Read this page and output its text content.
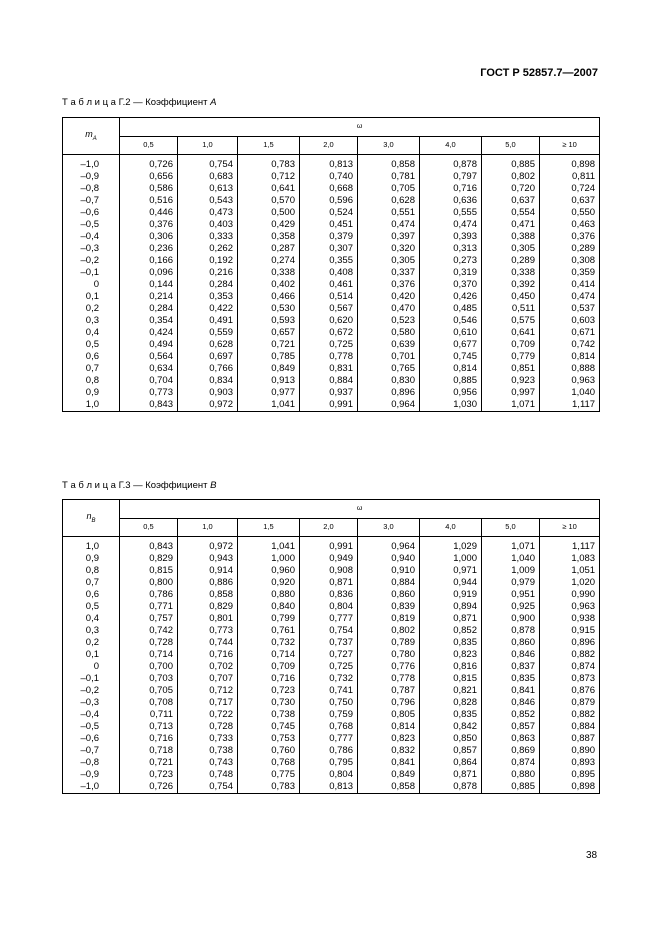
ГОСТ Р 52857.7—2007
Т а б л и ц а Г.2 — Коэффициент A
$m_A$	ω							
	0,5	1,0	1,5	2,0	3,0	4,0	5,0	≥ 10

–1,0	0,726	0,754	0,783	0,813	0,858	0,878	0,885	0,898
–0,9	0,656	0,683	0,712	0,740	0,781	0,797	0,802	0,811
–0,8	0,586	0,613	0,641	0,668	0,705	0,716	0,720	0,724
–0,7	0,516	0,543	0,570	0,596	0,628	0,636	0,637	0,637
–0,6	0,446	0,473	0,500	0,524	0,551	0,555	0,554	0,550
–0,5	0,376	0,403	0,429	0,451	0,474	0,474	0,471	0,463
–0,4	0,306	0,333	0,358	0,379	0,397	0,393	0,388	0,376
–0,3	0,236	0,262	0,287	0,307	0,320	0,313	0,305	0,289
–0,2	0,166	0,192	0,274	0,355	0,305	0,273	0,289	0,308
–0,1	0,096	0,216	0,338	0,408	0,337	0,319	0,338	0,359
0	0,144	0,284	0,402	0,461	0,376	0,370	0,392	0,414
0,1	0,214	0,353	0,466	0,514	0,420	0,426	0,450	0,474
0,2	0,284	0,422	0,530	0,567	0,470	0,485	0,511	0,537
0,3	0,354	0,491	0,593	0,620	0,523	0,546	0,575	0,603
0,4	0,424	0,559	0,657	0,672	0,580	0,610	0,641	0,671
0,5	0,494	0,628	0,721	0,725	0,639	0,677	0,709	0,742
0,6	0,564	0,697	0,785	0,778	0,701	0,745	0,779	0,814
0,7	0,634	0,766	0,849	0,831	0,765	0,814	0,851	0,888
0,8	0,704	0,834	0,913	0,884	0,830	0,885	0,923	0,963
0,9	0,773	0,903	0,977	0,937	0,896	0,956	0,997	1,040
1,0	0,843	0,972	1,041	0,991	0,964	1,030	1,071	1,117
Т а б л и ц а Г.3 — Коэффициент B
$n_B$	ω							
	0,5	1,0	1,5	2,0	3,0	4,0	5,0	≥ 10

1,0	0,843	0,972	1,041	0,991	0,964	1,029	1,071	1,117
0,9	0,829	0,943	1,000	0,949	0,940	1,000	1,040	1,083
0,8	0,815	0,914	0,960	0,908	0,910	0,971	1,009	1,051
0,7	0,800	0,886	0,920	0,871	0,884	0,944	0,979	1,020
0,6	0,786	0,858	0,880	0,836	0,860	0,919	0,951	0,990
0,5	0,771	0,829	0,840	0,804	0,839	0,894	0,925	0,963
0,4	0,757	0,801	0,799	0,777	0,819	0,871	0,900	0,938
0,3	0,742	0,773	0,761	0,754	0,802	0,852	0,878	0,915
0,2	0,728	0,744	0,732	0,737	0,789	0,835	0,860	0,896
0,1	0,714	0,716	0,714	0,727	0,780	0,823	0,846	0,882
0	0,700	0,702	0,709	0,725	0,776	0,816	0,837	0,874
–0,1	0,703	0,707	0,716	0,732	0,778	0,815	0,835	0,873
–0,2	0,705	0,712	0,723	0,741	0,787	0,821	0,841	0,876
–0,3	0,708	0,717	0,730	0,750	0,796	0,828	0,846	0,879
–0,4	0,711	0,722	0,738	0,759	0,805	0,835	0,852	0,882
–0,5	0,713	0,728	0,745	0,768	0,814	0,842	0,857	0,884
–0,6	0,716	0,733	0,753	0,777	0,823	0,850	0,863	0,887
–0,7	0,718	0,738	0,760	0,786	0,832	0,857	0,869	0,890
–0,8	0,721	0,743	0,768	0,795	0,841	0,864	0,874	0,893
–0,9	0,723	0,748	0,775	0,804	0,849	0,871	0,880	0,895
–1,0	0,726	0,754	0,783	0,813	0,858	0,878	0,885	0,898
38
